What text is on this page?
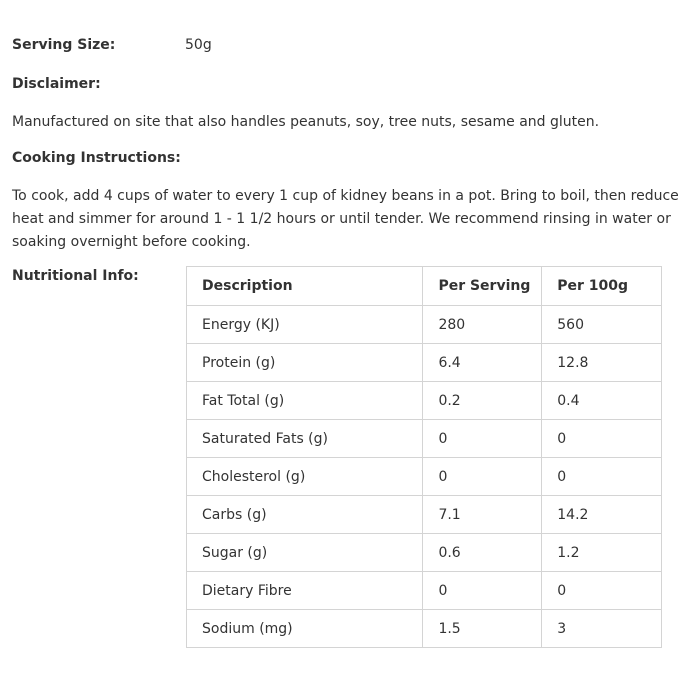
Serving Size:	50g
Disclaimer:
Manufactured on site that also handles peanuts, soy, tree nuts, sesame and gluten.
Cooking Instructions:
To cook, add 4 cups of water to every 1 cup of kidney beans in a pot. Bring to boil, then reduce
heat and simmer for around 1 - 1 1/2 hours or until tender. We recommend rinsing in water or
soaking overnight before cooking.
Nutritional Info:
Description	Per Serving	Per 100g
Energy (KJ)	280	560
Protein (g)	6.4	12.8
Fat Total (g)	0.2	0.4
Saturated Fats (g)	0	0
Cholesterol (g)	0	0
Carbs (g)	7.1	14.2
Sugar (g)	0.6	1.2
Dietary Fibre	0	0
Sodium (mg)	1.5	3
